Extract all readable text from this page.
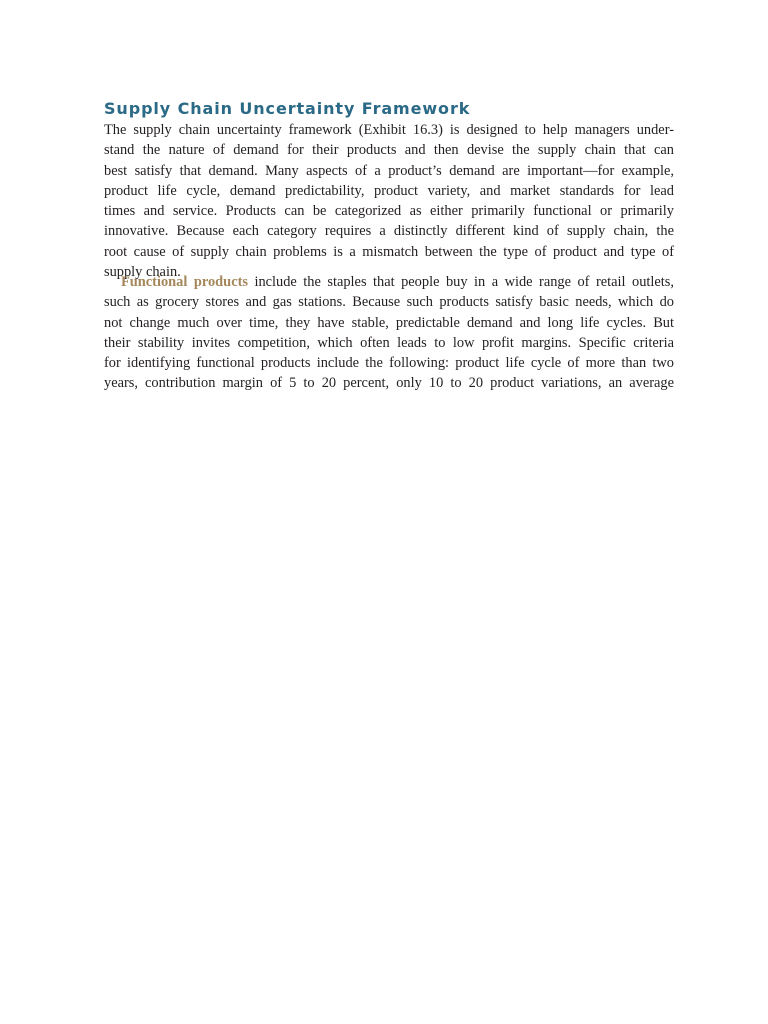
Supply Chain Uncertainty Framework
The supply chain uncertainty framework (Exhibit 16.3) is designed to help managers under-
stand the nature of demand for their products and then devise the supply chain that can
best satisfy that demand. Many aspects of a product’s demand are important—for example,
product life cycle, demand predictability, product variety, and market standards for lead
times and service. Products can be categorized as either primarily functional or primarily
innovative. Because each category requires a distinctly different kind of supply chain, the
root cause of supply chain problems is a mismatch between the type of product and type of
supply chain.
Functional products include the staples that people buy in a wide range of retail outlets,
such as grocery stores and gas stations. Because such products satisfy basic needs, which do
not change much over time, they have stable, predictable demand and long life cycles. But
their stability invites competition, which often leads to low profit margins. Specific criteria
for identifying functional products include the following: product life cycle of more than two
years, contribution margin of 5 to 20 percent, only 10 to 20 product variations, an average
